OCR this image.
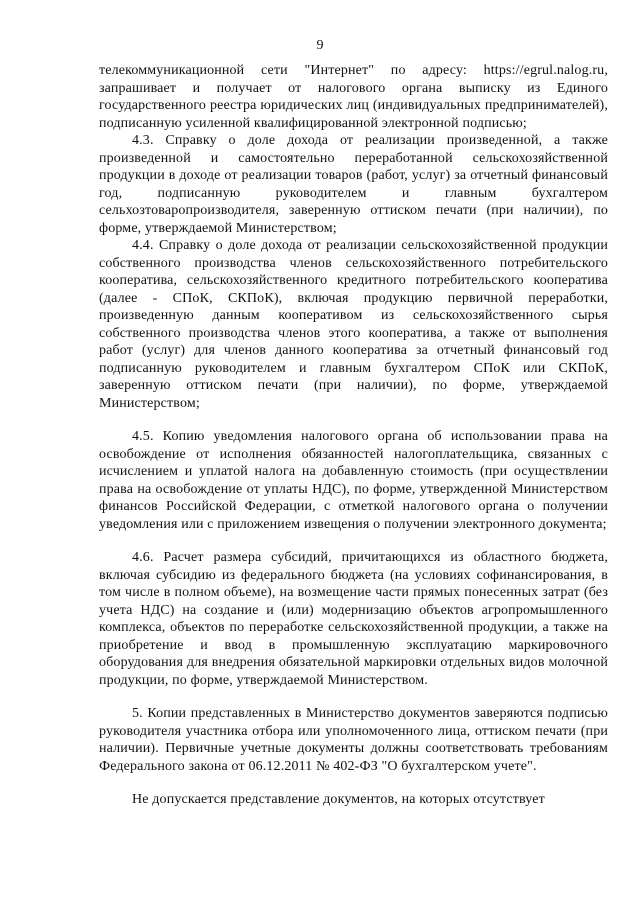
9

телекоммуникационной сети "Интернет" по адресу: https://egrul.nalog.ru, запрашивает и получает от налогового органа выписку из Единого государственного реестра юридических лиц (индивидуальных предпринимателей), подписанную усиленной квалифицированной электронной подписью;

4.3. Справку о доле дохода от реализации произведенной, а также произведенной и самостоятельно переработанной сельскохозяйственной продукции в доходе от реализации товаров (работ, услуг) за отчетный финансовый год, подписанную руководителем и главным бухгалтером сельхозтоваропроизводителя, заверенную оттиском печати (при наличии), по форме, утверждаемой Министерством;

4.4. Справку о доле дохода от реализации сельскохозяйственной продукции собственного производства членов сельскохозяйственного потребительского кооператива, сельскохозяйственного кредитного потребительского кооператива (далее - СПоК, СКПоК), включая продукцию первичной переработки, произведенную данным кооперативом из сельскохозяйственного сырья собственного производства членов этого кооператива, а также от выполнения работ (услуг) для членов данного кооператива за отчетный финансовый год подписанную руководителем и главным бухгалтером СПоК или СКПоК, заверенную оттиском печати (при наличии), по форме, утверждаемой Министерством;

4.5. Копию уведомления налогового органа об использовании права на освобождение от исполнения обязанностей налогоплательщика, связанных с исчислением и уплатой налога на добавленную стоимость (при осуществлении права на освобождение от уплаты НДС), по форме, утвержденной Министерством финансов Российской Федерации, с отметкой налогового органа о получении уведомления или с приложением извещения о получении электронного документа;

4.6. Расчет размера субсидий, причитающихся из областного бюджета, включая субсидию из федерального бюджета (на условиях софинансирования, в том числе в полном объеме), на возмещение части прямых понесенных затрат (без учета НДС) на создание и (или) модернизацию объектов агропромышленного комплекса, объектов по переработке сельскохозяйственной продукции, а также на приобретение и ввод в промышленную эксплуатацию маркировочного оборудования для внедрения обязательной маркировки отдельных видов молочной продукции, по форме, утверждаемой Министерством.

5. Копии представленных в Министерство документов заверяются подписью руководителя участника отбора или уполномоченного лица, оттиском печати (при наличии). Первичные учетные документы должны соответствовать требованиям Федерального закона от 06.12.2011 № 402-ФЗ "О бухгалтерском учете".

Не допускается представление документов, на которых отсутствует
